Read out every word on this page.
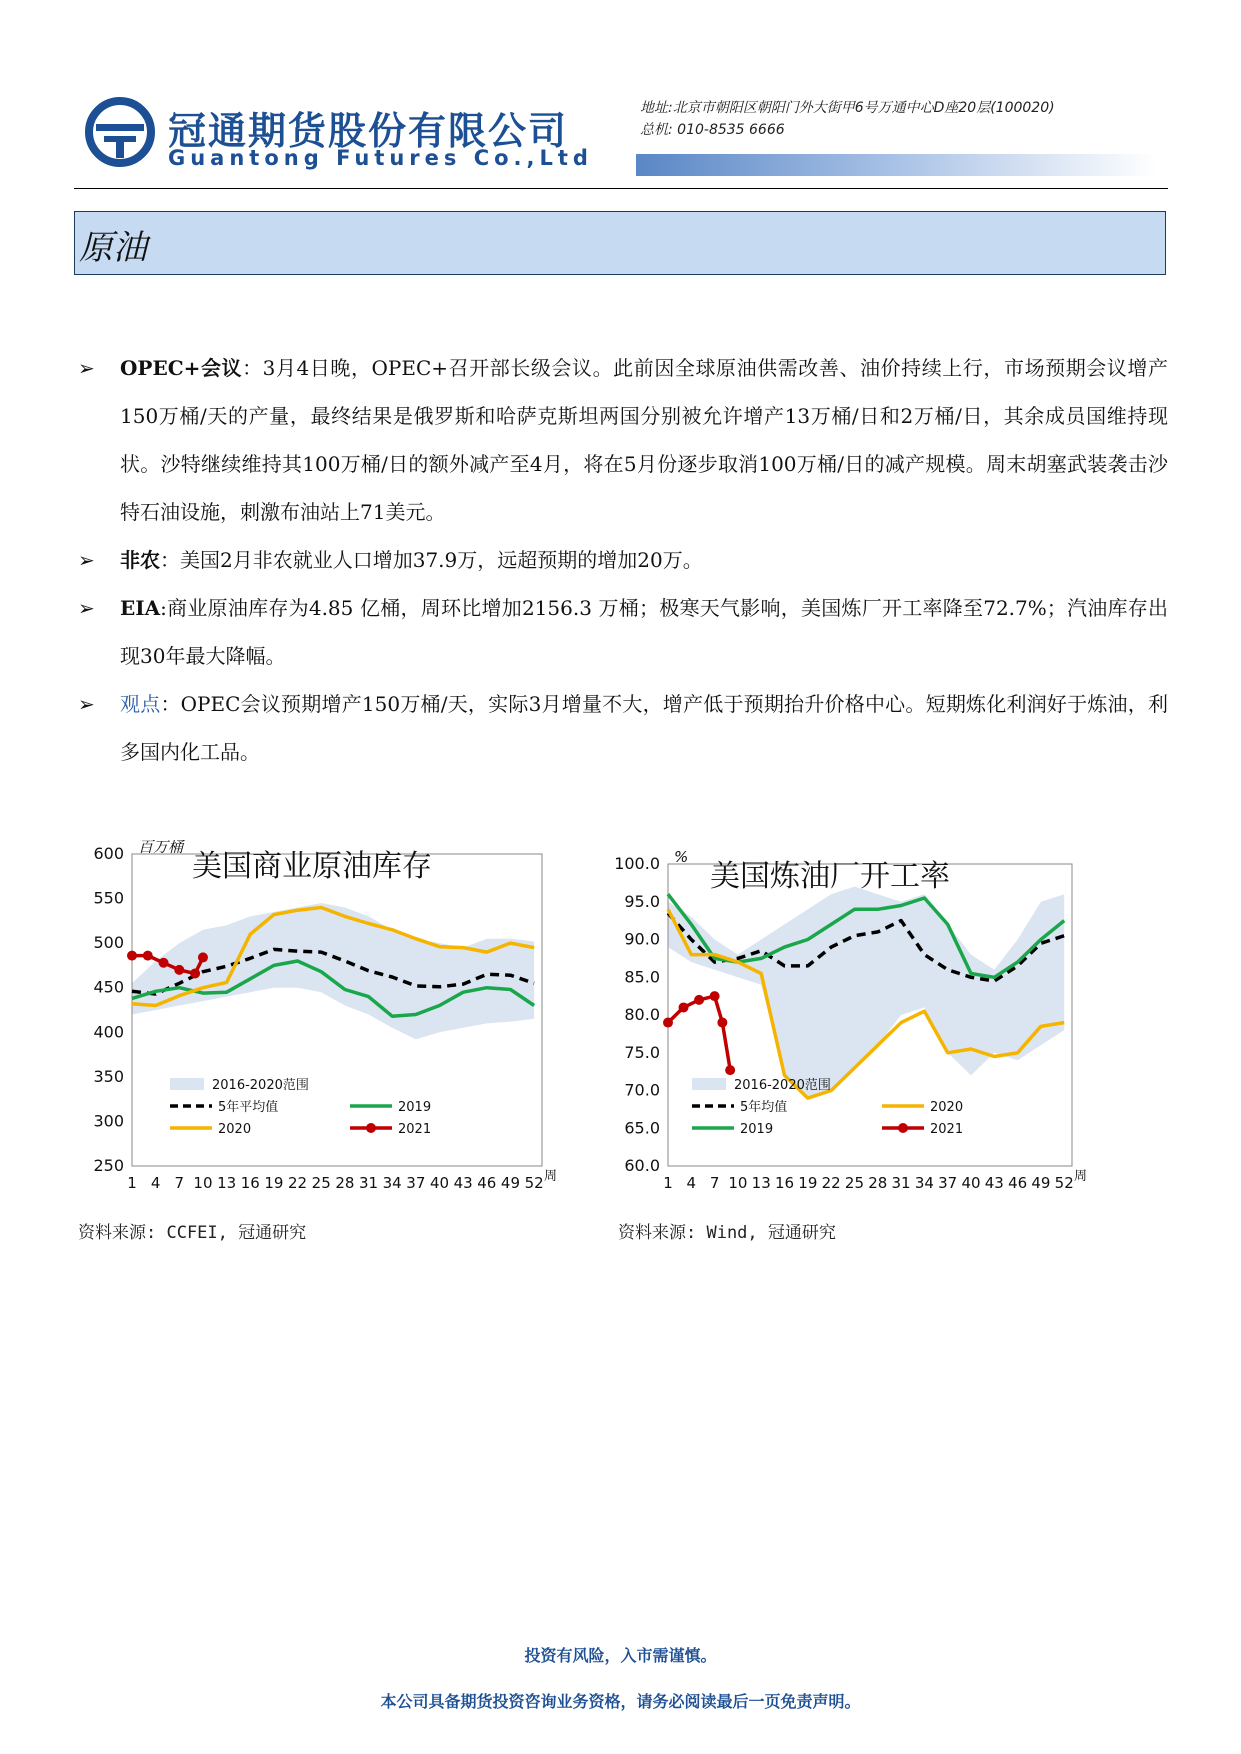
冠通期货股份有限公司
Guantong Futures Co.,Ltd
地址:北京市朝阳区朝阳门外大街甲6号万通中心D座20层(100020)
总机: 010-8535 6666
原油
➢ OPEC+会议：3月4日晚，OPEC+召开部长级会议。此前因全球原油供需改善、油价持续上行，市场预期会议增产150万桶/天的产量，最终结果是俄罗斯和哈萨克斯坦两国分别被允许增产13万桶/日和2万桶/日，其余成员国维持现状。沙特继续维持其100万桶/日的额外减产至4月，将在5月份逐步取消100万桶/日的减产规模。周末胡塞武装袭击沙特石油设施，刺激布油站上71美元。
➢ 非农：美国2月非农就业人口增加37.9万，远超预期的增加20万。
➢ EIA:商业原油库存为4.85 亿桶，周环比增加2156.3 万桶；极寒天气影响，美国炼厂开工率降至72.7%；汽油库存出现30年最大降幅。
➢ 观点：OPEC会议预期增产150万桶/天，实际3月增量不大，增产低于预期抬升价格中心。短期炼化利润好于炼油，利多国内化工品。
600
550
500
450
400
350
300
250
1 4 7 10 13 16 19 22 25 28 31 34 37 40 43 46 49 52 周
百万桶
美国商业原油库存
2016-2020范围
5年平均值	2019
2020	2021
100.0
95.0
90.0
85.0
80.0
75.0
70.0
65.0
60.0
1 4 7 10 13 16 19 22 25 28 31 34 37 40 43 46 49 52 周
%
美国炼油厂开工率
2016-2020范围
5年均值	2020
2019	2021
资料来源: CCFEI, 冠通研究	资料来源: Wind, 冠通研究
投资有风险，入市需谨慎。
本公司具备期货投资咨询业务资格，请务必阅读最后一页免责声明。
